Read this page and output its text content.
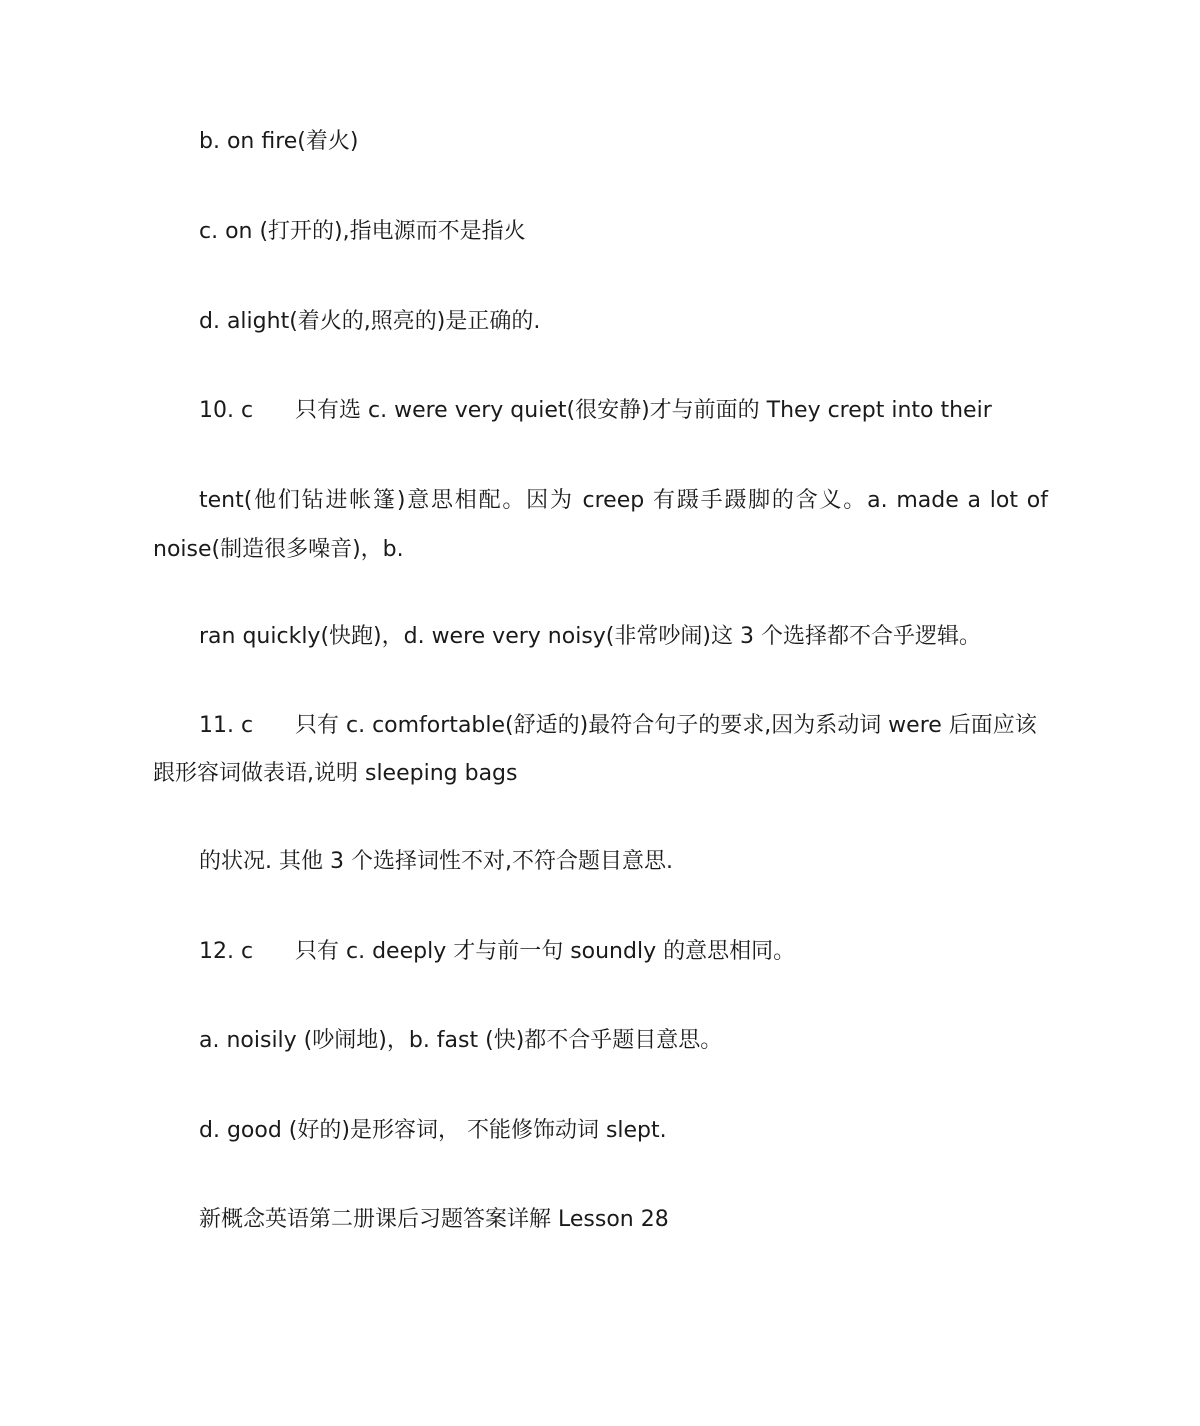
b. on fire(着火)
c. on (打开的),指电源而不是指火
d. alight(着火的,照亮的)是正确的.
10. c 只有选 c. were very quiet(很安静)才与前面的 They crept into their
tent(他们钻进帐篷)意思相配。因为 creep 有蹑手蹑脚的含义。a. made a lot of
noise(制造很多噪音)，b.
ran quickly(快跑)，d. were very noisy(非常吵闹)这 3 个选择都不合乎逻辑。
11. c 只有 c. comfortable(舒适的)最符合句子的要求,因为系动词 were 后面应该
跟形容词做表语,说明 sleeping bags
的状况. 其他 3 个选择词性不对,不符合题目意思.
12. c 只有 c. deeply 才与前一句 soundly 的意思相同。
a. noisily (吵闹地)，b. fast (快)都不合乎题目意思。
d. good (好的)是形容词， 不能修饰动词 slept.
新概念英语第二册课后习题答案详解 Lesson 28
